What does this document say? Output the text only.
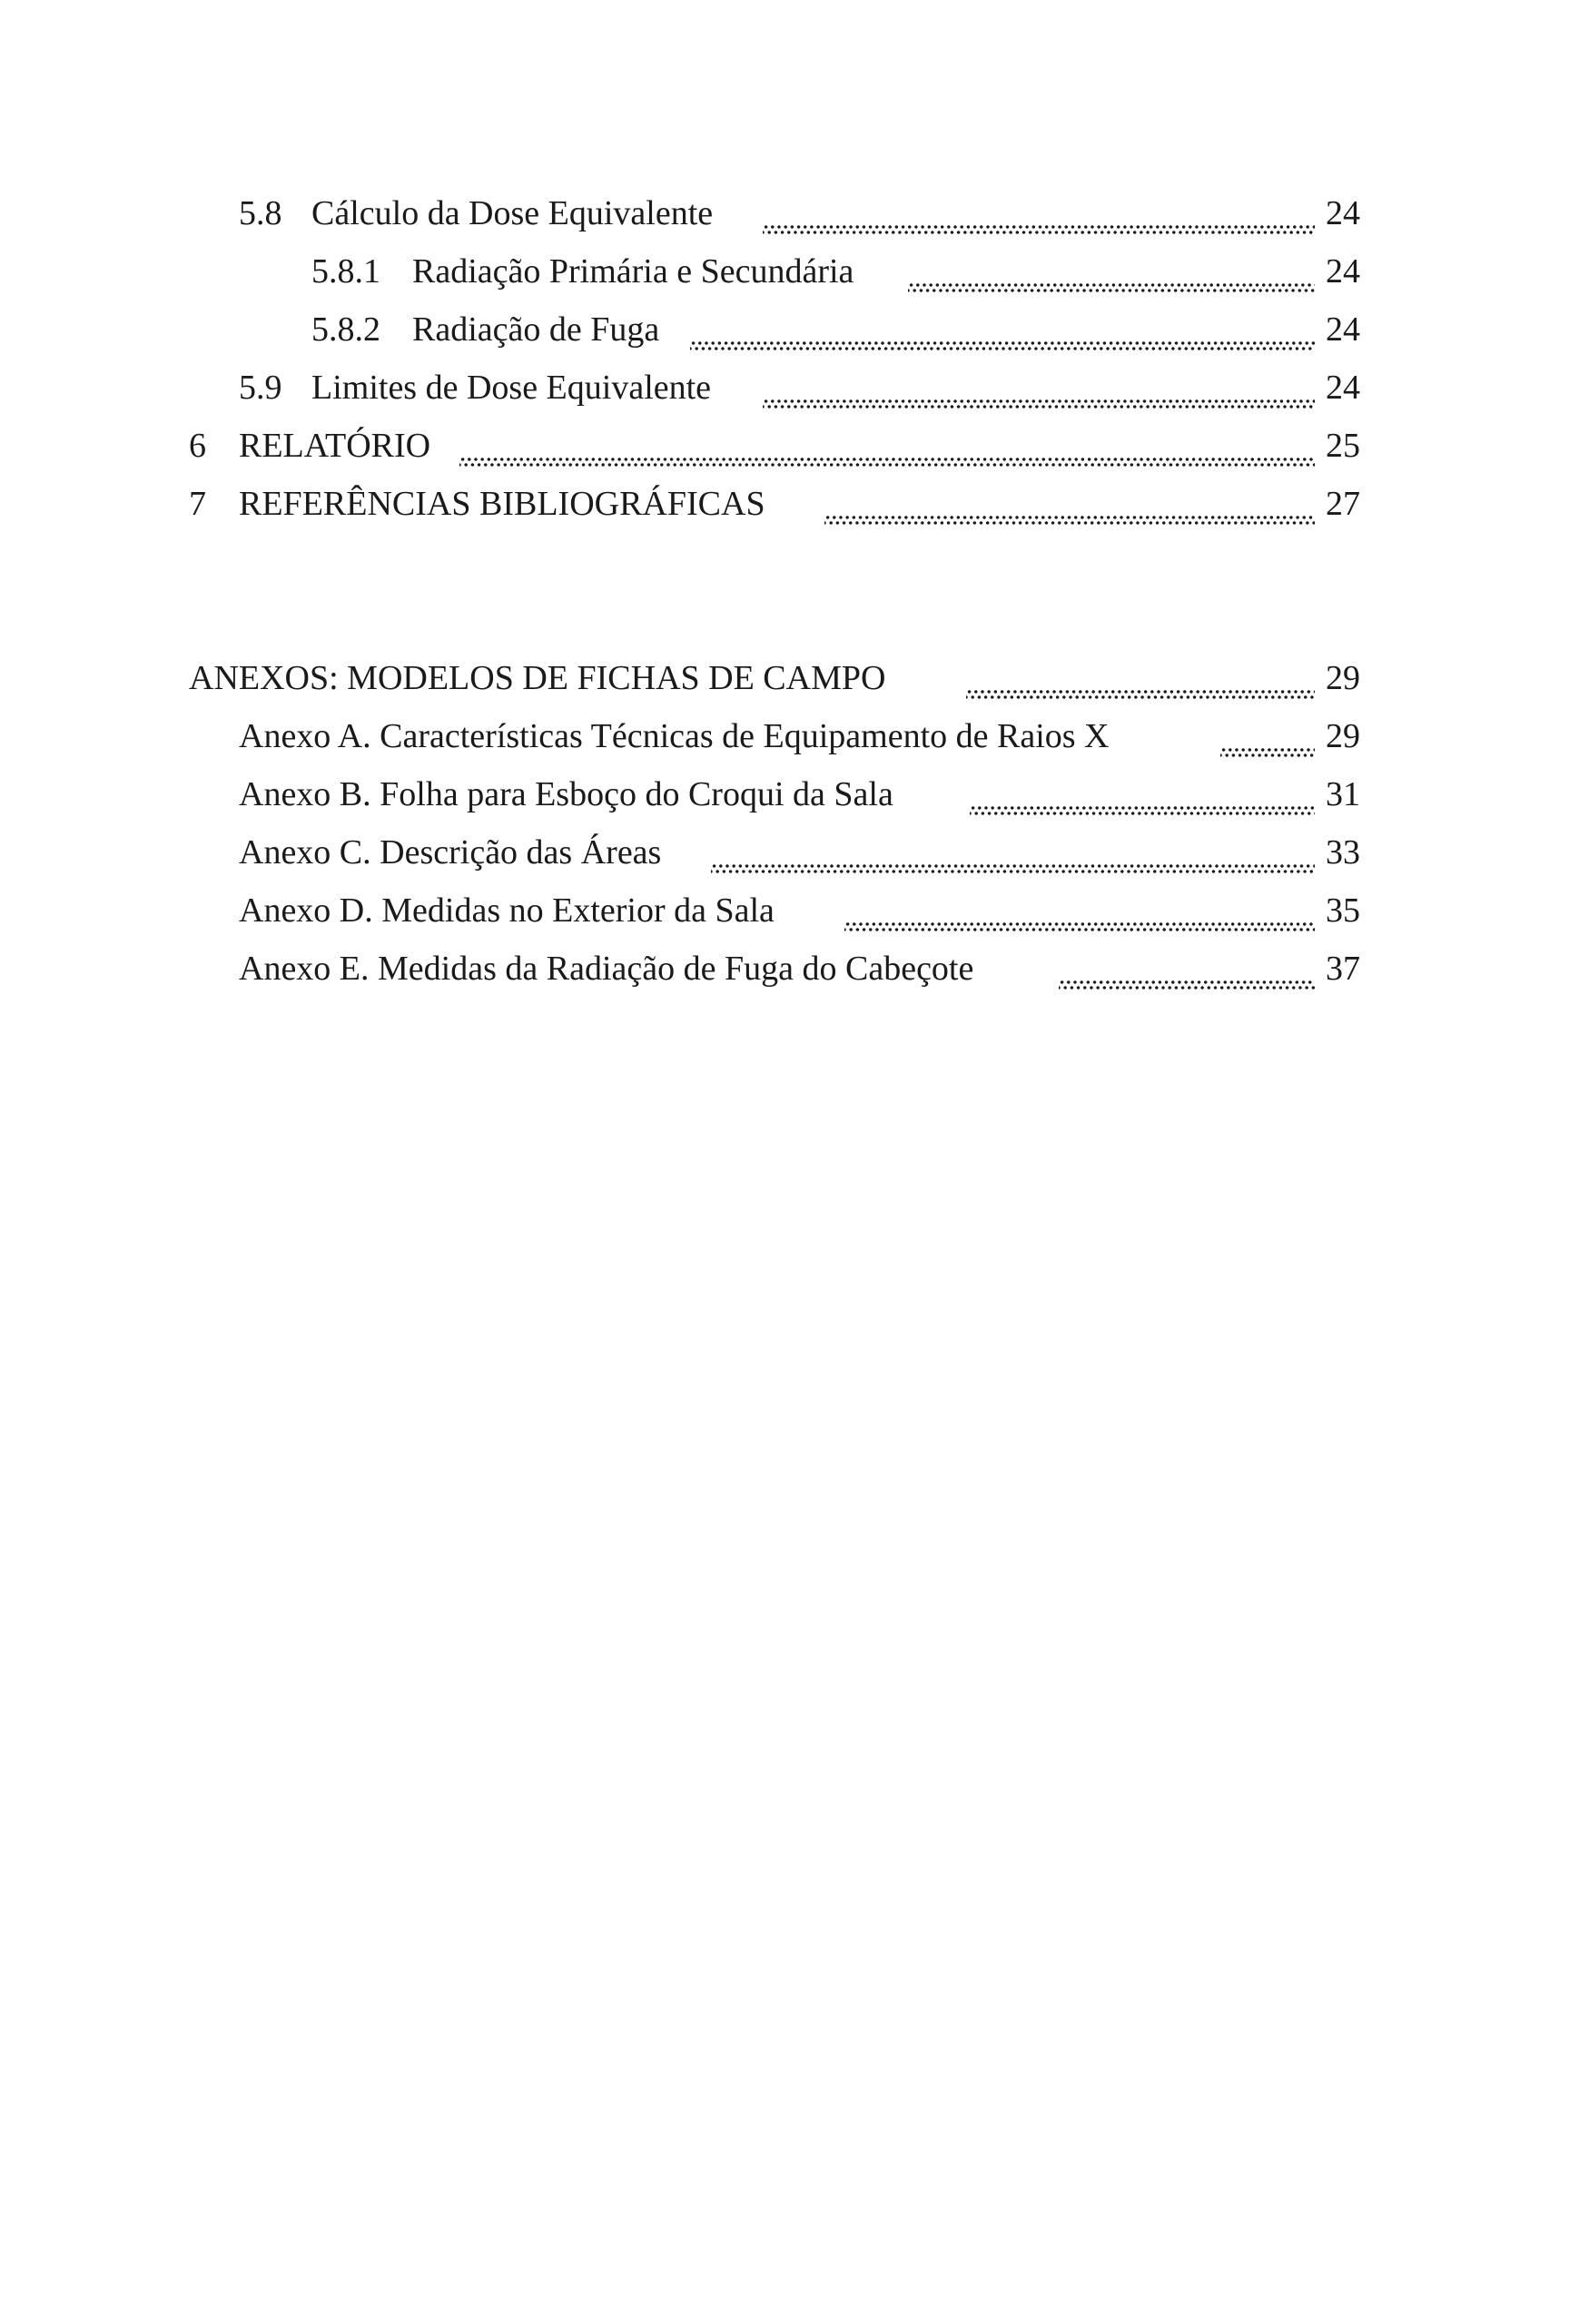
5.8 Cálculo da Dose Equivalente	24
5.8.1 Radiação Primária e Secundária	24
5.8.2 Radiação de Fuga	24
5.9 Limites de Dose Equivalente	24
6 RELATÓRIO	25
7 REFERÊNCIAS BIBLIOGRÁFICAS	27
ANEXOS: MODELOS DE FICHAS DE CAMPO	29
Anexo A. Características Técnicas de Equipamento de Raios X	29
Anexo B. Folha para Esboço do Croqui da Sala	31
Anexo C. Descrição das Áreas	33
Anexo D. Medidas no Exterior da Sala	35
Anexo E. Medidas da Radiação de Fuga do Cabeçote	37
